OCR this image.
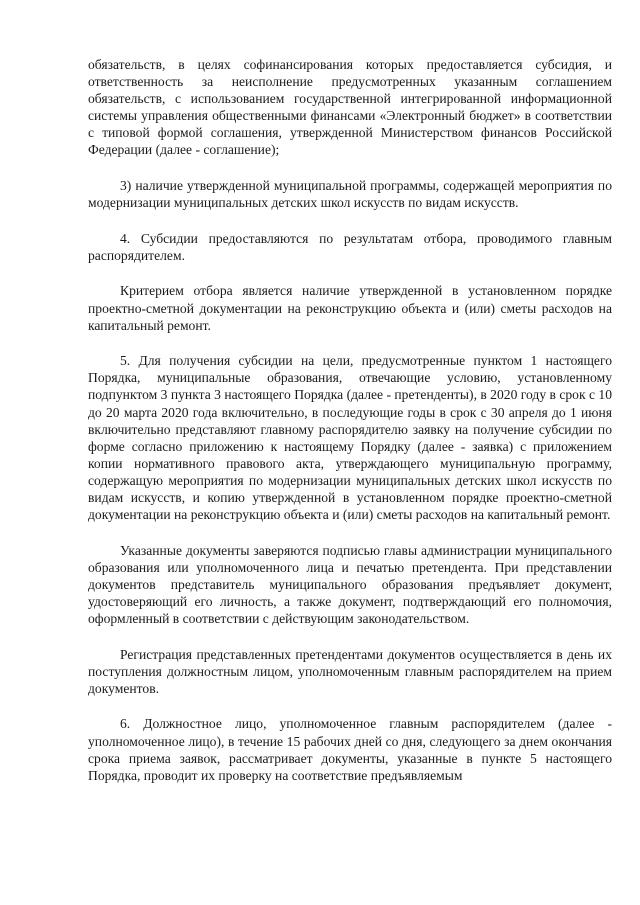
обязательств, в целях софинансирования которых предоставляется субсидия, и ответственность за неисполнение предусмотренных указанным соглашением обязательств, с использованием государственной интегрированной информационной системы управления общественными финансами «Электронный бюджет» в соответствии с типовой формой соглашения, утвержденной Министерством финансов Российской Федерации (далее - соглашение);

3) наличие утвержденной муниципальной программы, содержащей мероприятия по модернизации муниципальных детских школ искусств по видам искусств.

4. Субсидии предоставляются по результатам отбора, проводимого главным распорядителем.

Критерием отбора является наличие утвержденной в установленном порядке проектно-сметной документации на реконструкцию объекта и (или) сметы расходов на капитальный ремонт.

5. Для получения субсидии на цели, предусмотренные пунктом 1 настоящего Порядка, муниципальные образования, отвечающие условию, установленному подпунктом 3 пункта 3 настоящего Порядка (далее - претенденты), в 2020 году в срок с 10 до 20 марта 2020 года включительно, в последующие годы в срок с 30 апреля до 1 июня включительно представляют главному распорядителю заявку на получение субсидии по форме согласно приложению к настоящему Порядку (далее - заявка) с приложением копии нормативного правового акта, утверждающего муниципальную программу, содержащую мероприятия по модернизации муниципальных детских школ искусств по видам искусств, и копию утвержденной в установленном порядке проектно-сметной документации на реконструкцию объекта и (или) сметы расходов на капитальный ремонт.

Указанные документы заверяются подписью главы администрации муниципального образования или уполномоченного лица и печатью претендента. При представлении документов представитель муниципального образования предъявляет документ, удостоверяющий его личность, а также документ, подтверждающий его полномочия, оформленный в соответствии с действующим законодательством.

Регистрация представленных претендентами документов осуществляется в день их поступления должностным лицом, уполномоченным главным распорядителем на прием документов.

6. Должностное лицо, уполномоченное главным распорядителем (далее - уполномоченное лицо), в течение 15 рабочих дней со дня, следующего за днем окончания срока приема заявок, рассматривает документы, указанные в пункте 5 настоящего Порядка, проводит их проверку на соответствие предъявляемым
